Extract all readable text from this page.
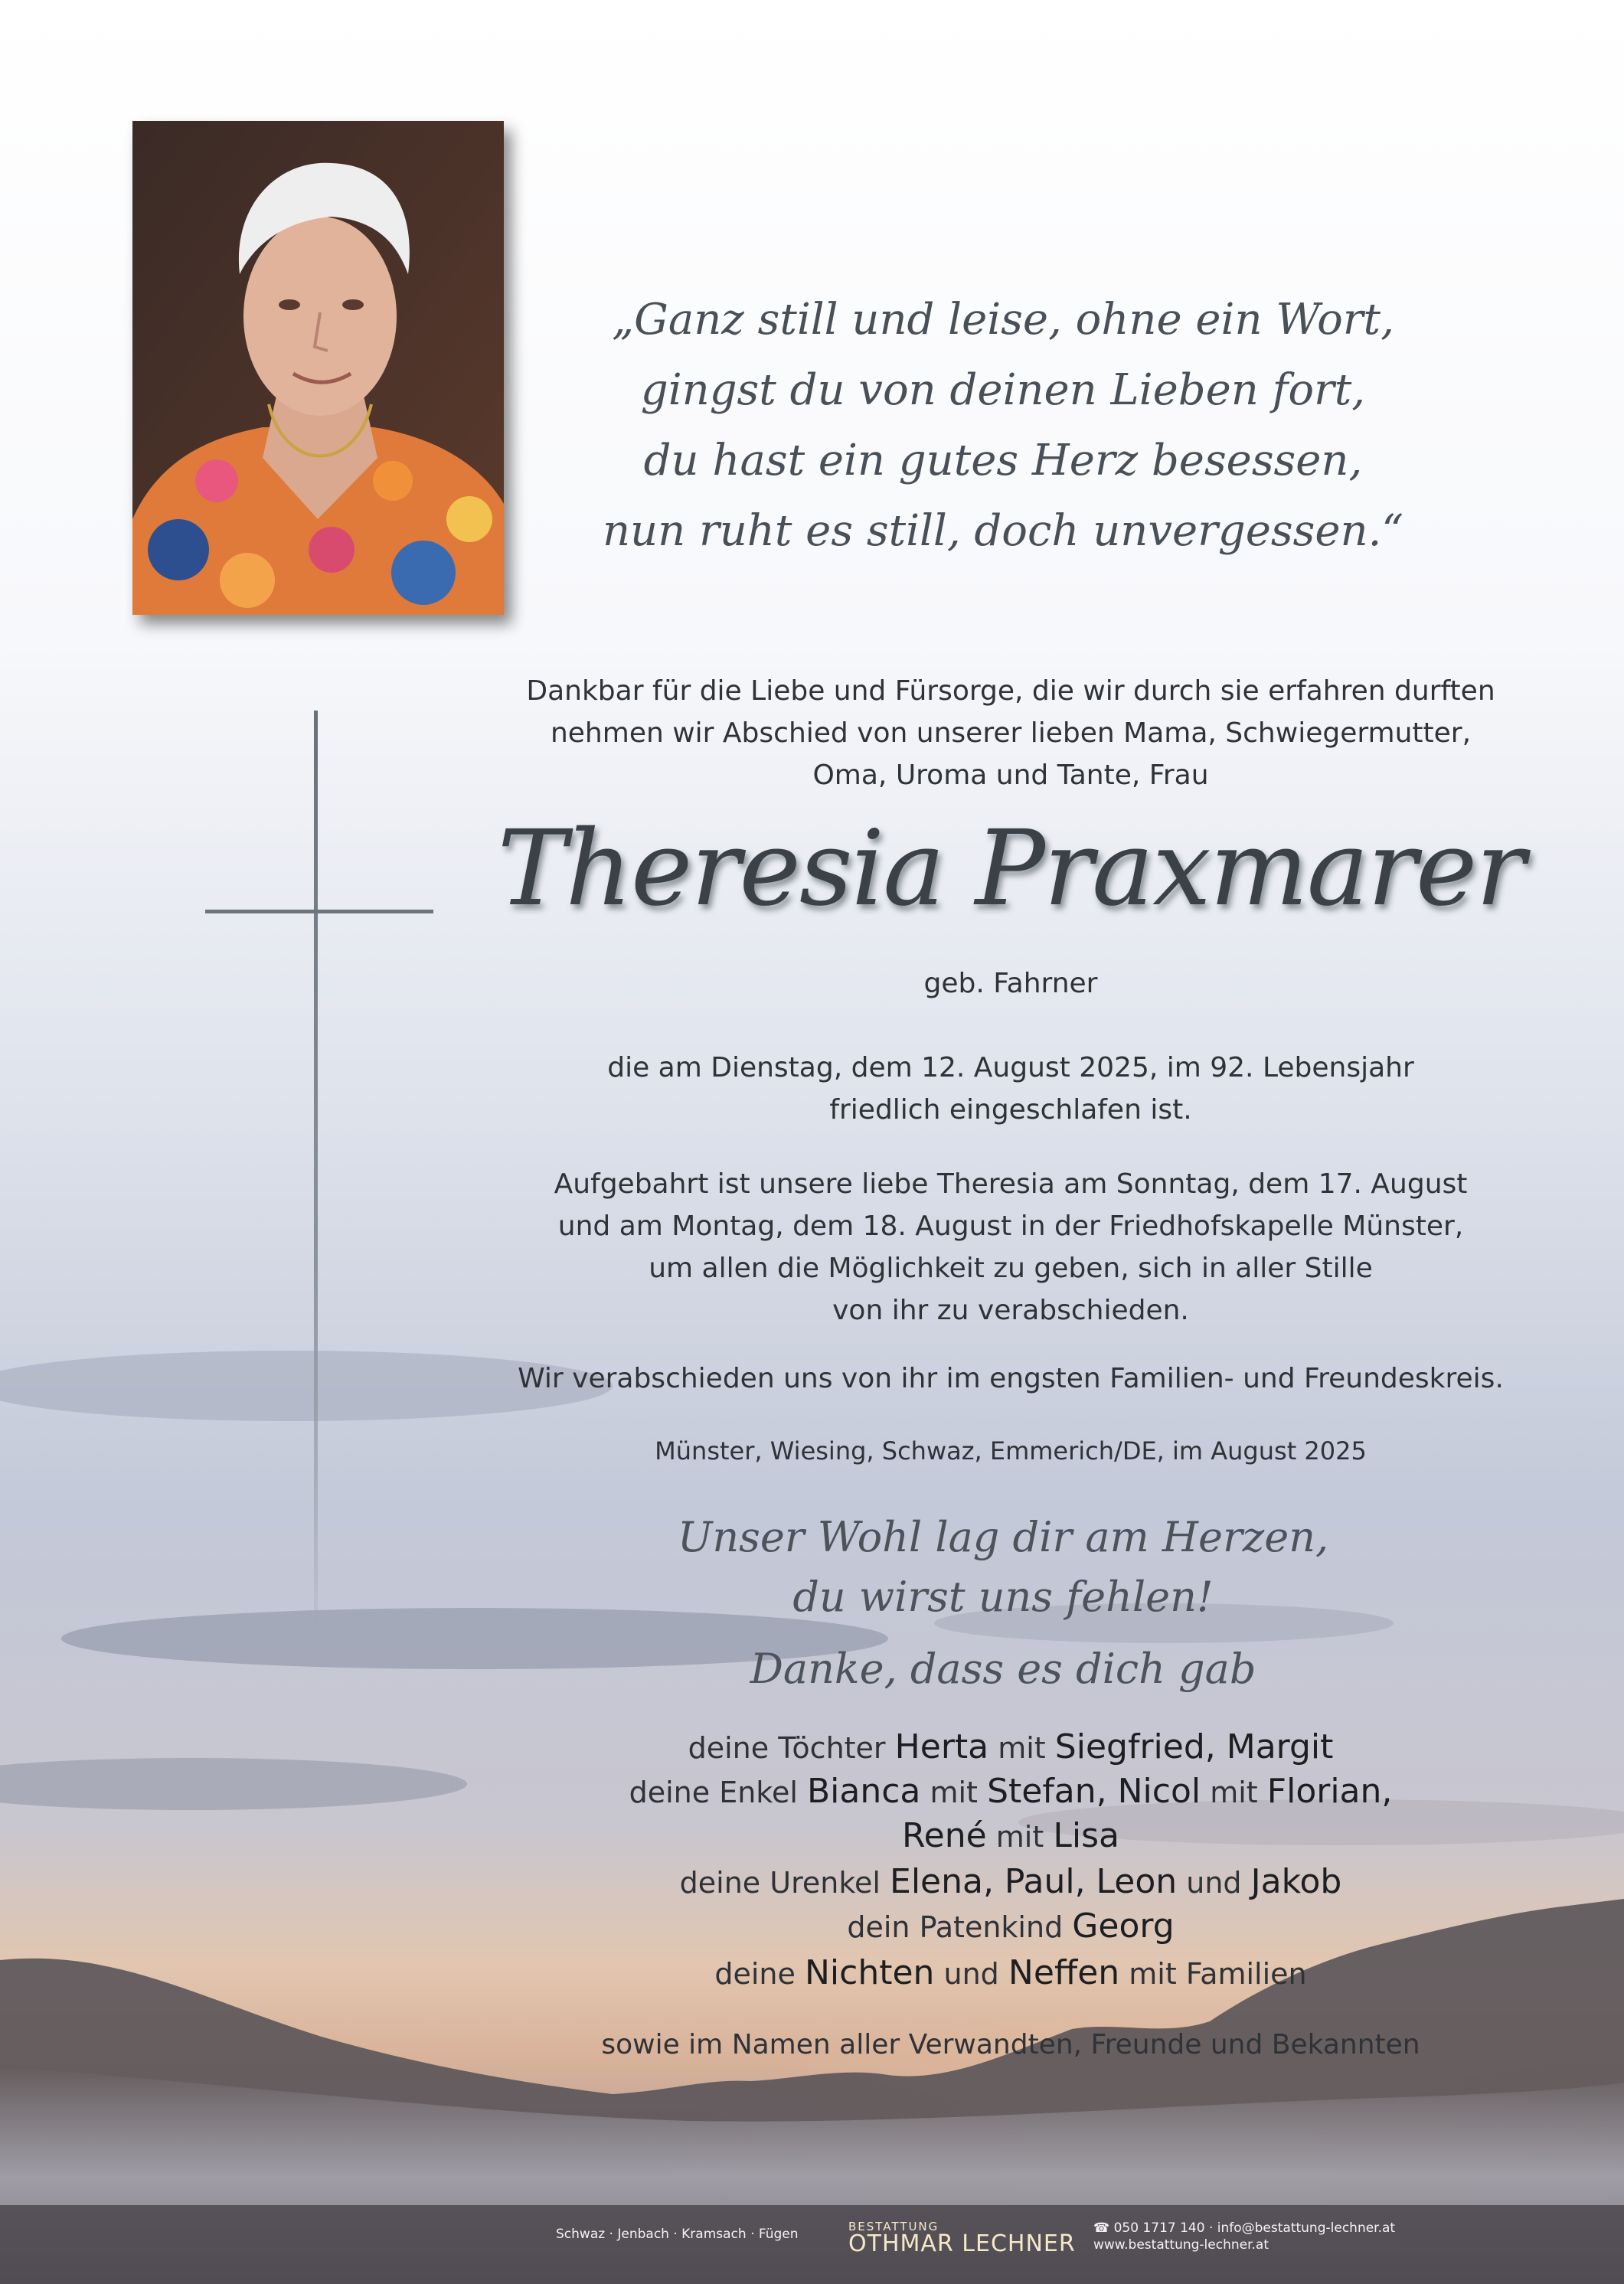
„Ganz still und leise, ohne ein Wort,
gingst du von deinen Lieben fort,
du hast ein gutes Herz besessen,
nun ruht es still, doch unvergessen.“
Dankbar für die Liebe und Fürsorge, die wir durch sie erfahren durften
nehmen wir Abschied von unserer lieben Mama, Schwiegermutter,
Oma, Uroma und Tante, Frau
Theresia Praxmarer
geb. Fahrner
die am Dienstag, dem 12. August 2025, im 92. Lebensjahr
friedlich eingeschlafen ist.
Aufgebahrt ist unsere liebe Theresia am Sonntag, dem 17. August
und am Montag, dem 18. August in der Friedhofskapelle Münster,
um allen die Möglichkeit zu geben, sich in aller Stille
von ihr zu verabschieden.
Wir verabschieden uns von ihr im engsten Familien- und Freundeskreis.
Münster, Wiesing, Schwaz, Emmerich/DE, im August 2025
Unser Wohl lag dir am Herzen,
du wirst uns fehlen!
Danke, dass es dich gab
deine Töchter Herta mit Siegfried, Margit
deine Enkel Bianca mit Stefan, Nicol mit Florian,
René mit Lisa
deine Urenkel Elena, Paul, Leon und Jakob
dein Patenkind Georg
deine Nichten und Neffen mit Familien
sowie im Namen aller Verwandten, Freunde und Bekannten
Schwaz · Jenbach · Kramsach · Fügen	BESTATTUNG
OTHMAR LECHNER
☎ 050 1717 140 · info@bestattung-lechner.at
www.bestattung-lechner.at
